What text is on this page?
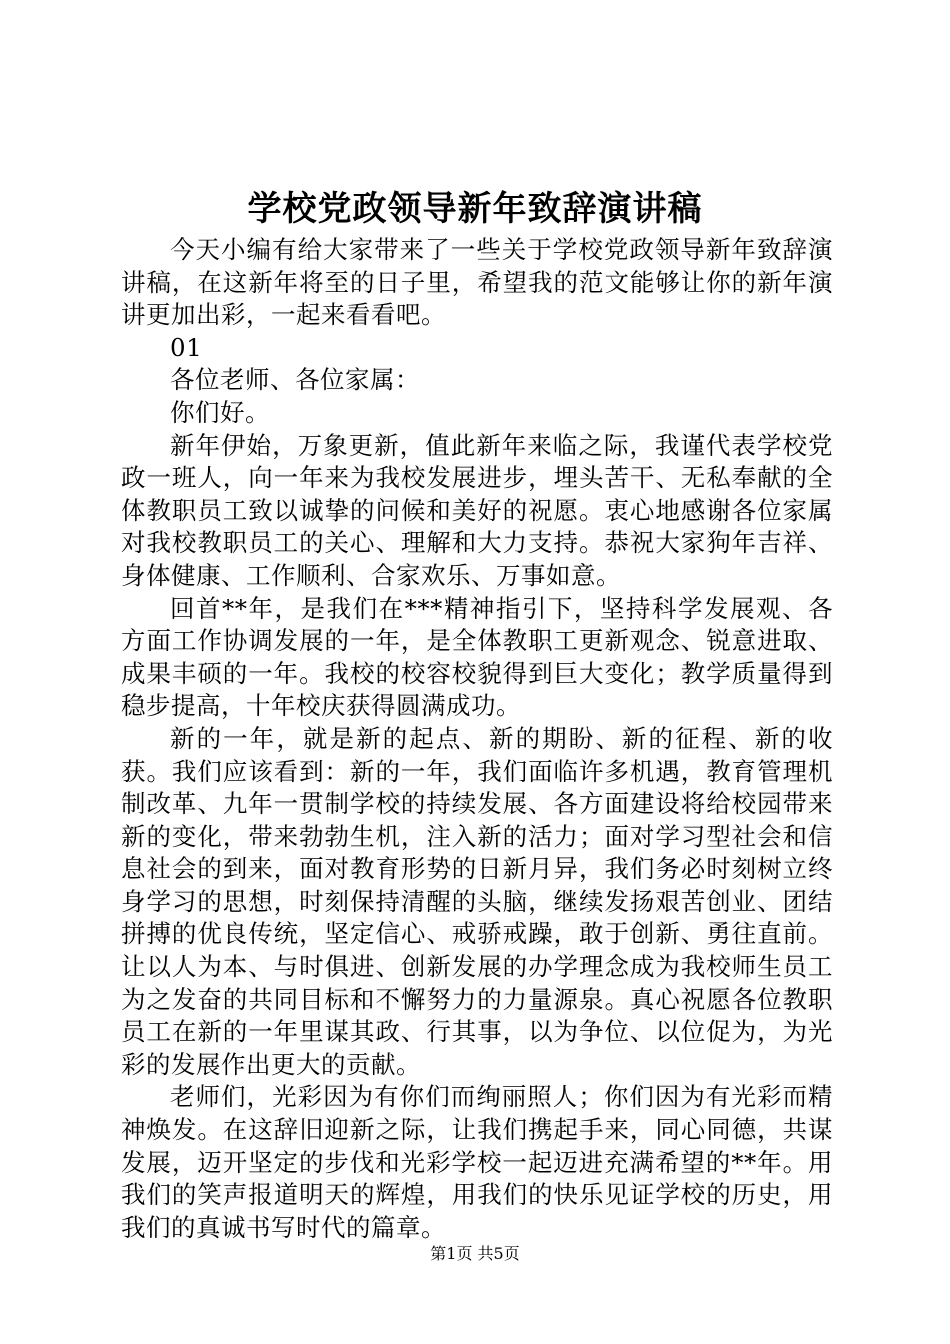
学校党政领导新年致辞演讲稿

今天小编有给大家带来了一些关于学校党政领导新年致辞演讲稿，在这新年将至的日子里，希望我的范文能够让你的新年演讲更加出彩，一起来看看吧。

01

各位老师、各位家属：

你们好。

新年伊始，万象更新，值此新年来临之际，我谨代表学校党政一班人，向一年来为我校发展进步，埋头苦干、无私奉献的全体教职员工致以诚挚的问候和美好的祝愿。衷心地感谢各位家属对我校教职员工的关心、理解和大力支持。恭祝大家狗年吉祥、身体健康、工作顺利、合家欢乐、万事如意。

回首**年，是我们在***精神指引下，坚持科学发展观、各方面工作协调发展的一年，是全体教职工更新观念、锐意进取、成果丰硕的一年。我校的校容校貌得到巨大变化；教学质量得到稳步提高，十年校庆获得圆满成功。

新的一年，就是新的起点、新的期盼、新的征程、新的收获。我们应该看到：新的一年，我们面临许多机遇，教育管理机制改革、九年一贯制学校的持续发展、各方面建设将给校园带来新的变化，带来勃勃生机，注入新的活力；面对学习型社会和信息社会的到来，面对教育形势的日新月异，我们务必时刻树立终身学习的思想，时刻保持清醒的头脑，继续发扬艰苦创业、团结拼搏的优良传统，坚定信心、戒骄戒躁，敢于创新、勇往直前。让以人为本、与时俱进、创新发展的办学理念成为我校师生员工为之发奋的共同目标和不懈努力的力量源泉。真心祝愿各位教职员工在新的一年里谋其政、行其事，以为争位、以位促为，为光彩的发展作出更大的贡献。

老师们，光彩因为有你们而绚丽照人；你们因为有光彩而精神焕发。在这辞旧迎新之际，让我们携起手来，同心同德，共谋发展，迈开坚定的步伐和光彩学校一起迈进充满希望的**年。用我们的笑声报道明天的辉煌，用我们的快乐见证学校的历史，用我们的真诚书写时代的篇章。

第1页 共5页
